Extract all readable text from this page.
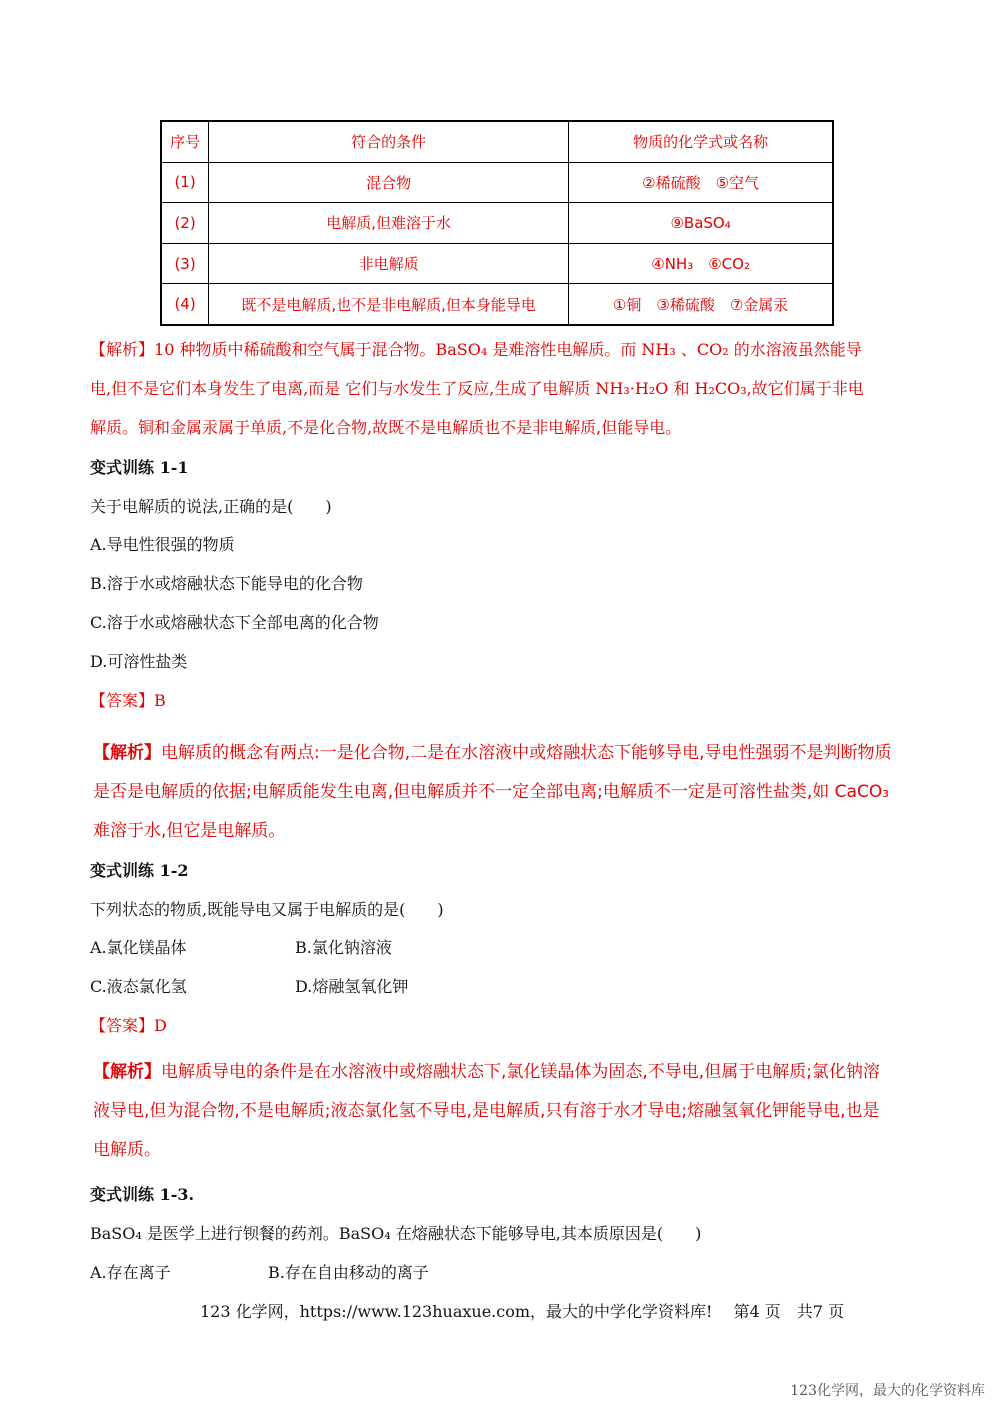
序号	符合的条件	物质的化学式或名称
(1)	混合物	②稀硫酸　⑤空气
(2)	电解质,但难溶于水	⑨BaSO₄
(3)	非电解质	④NH₃　⑥CO₂
(4)	既不是电解质,也不是非电解质,但本身能导电	①铜　③稀硫酸　⑦金属汞
【解析】10 种物质中稀硫酸和空气属于混合物。BaSO₄ 是难溶性电解质。而 NH₃ 、CO₂ 的水溶液虽然能导
电,但不是它们本身发生了电离,而是 它们与水发生了反应,生成了电解质 NH₃·H₂O 和 H₂CO₃,故它们属于非电
解质。铜和金属汞属于单质,不是化合物,故既不是电解质也不是非电解质,但能导电。
变式训练 1-1
关于电解质的说法,正确的是(　　)
A.导电性很强的物质
B.溶于水或熔融状态下能导电的化合物
C.溶于水或熔融状态下全部电离的化合物
D.可溶性盐类
【答案】B
【解析】电解质的概念有两点:一是化合物,二是在水溶液中或熔融状态下能够导电,导电性强弱不是判断物质
是否是电解质的依据;电解质能发生电离,但电解质并不一定全部电离;电解质不一定是可溶性盐类,如 CaCO₃
难溶于水,但它是电解质。
变式训练 1-2
下列状态的物质,既能导电又属于电解质的是(　　)
A.氯化镁晶体	B.氯化钠溶液
C.液态氯化氢	D.熔融氢氧化钾
【答案】D
【解析】电解质导电的条件是在水溶液中或熔融状态下,氯化镁晶体为固态,不导电,但属于电解质;氯化钠溶
液导电,但为混合物,不是电解质;液态氯化氢不导电,是电解质,只有溶于水才导电;熔融氢氧化钾能导电,也是
电解质。
变式训练 1-3.
BaSO₄ 是医学上进行钡餐的药剂。BaSO₄ 在熔融状态下能够导电,其本质原因是(　　)
A.存在离子	B.存在自由移动的离子
123 化学网，https://www.123huaxue.com，最大的中学化学资料库!　 第4 页　共7 页
123化学网，最大的化学资料库
